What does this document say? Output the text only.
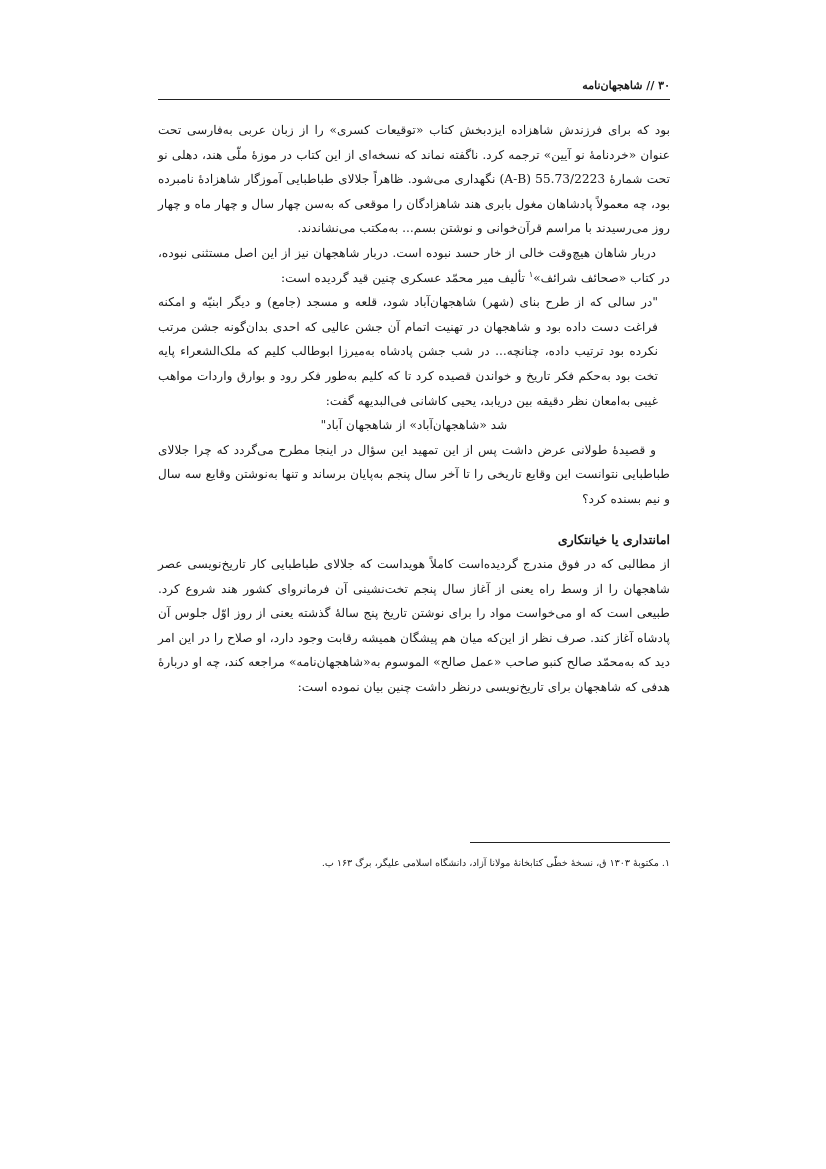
۳۰ // شاهجهان‌نامه

بود که برای فرزندش شاهزاده ایزدبخش کتاب «توقیعات کسری» را از زبان عربی به‌فارسی تحت عنوان «خردنامهٔ نو آیین» ترجمه کرد. ناگفته نماند که نسخه‌ای از این کتاب در موزهٔ ملّی هند، دهلی نو تحت شمارهٔ 55.73/2223 (A-B) نگهداری می‌شود. ظاهراً جلالای طباطبایی آموزگار شاهزادهٔ نامبرده بود، چه معمولاً پادشاهان مغول بابری هند شاهزادگان را موقعی که به‌سن چهار سال و چهار ماه و چهار روز می‌رسیدند با مراسم قرآن‌خوانی و نوشتن بسم... به‌مکتب می‌نشاندند.

دربار شاهان هیچ‌وقت خالی از خار حسد نبوده است. دربار شاهجهان نیز از این اصل مستثنی نبوده، در کتاب «صحائف شرائف»$^۱$ تألیف میر محمّد عسکری چنین قید گردیده است:

"در سالی که از طرح بنای (شهر) شاهجهان‌آباد شود، قلعه و مسجد (جامع) و دیگر ابنیّه و امکنه فراغت دست داده بود و شاهجهان در تهنیت اتمام آن جشن عالیی که احدی بدان‌گونه جشن مرتب نکرده بود ترتیب داده، چنانچه... در شب جشن پادشاه به‌میرزا ابوطالب کلیم که ملک‌الشعراء پایه تخت بود به‌حکم فکر تاریخ و خواندن قصیده کرد تا که کلیم به‌طور فکر رود و بوارق واردات مواهب غیبی به‌امعان نظر دقیقه بین دریابد، یحیی کاشانی فی‌البدیهه گفت:

شد «شاهجهان‌آباد» از شاهجهان آباد"

و قصیدهٔ طولانی عرض داشت پس از این تمهید این سؤال در اینجا مطرح می‌گردد که چرا جلالای طباطبایی نتوانست این وقایع تاریخی را تا آخر سال پنجم به‌پایان برساند و تنها به‌نوشتن وقایع سه سال و نیم بسنده کرد؟

امانتداری یا خیانتکاری

از مطالبی که در فوق مندرج گردیده‌است کاملاً هویداست که جلالای طباطبایی کار تاریخ‌نویسی عصر شاهجهان را از وسط راه یعنی از آغاز سال پنجم تخت‌نشینی آن فرمانروای کشور هند شروع کرد. طبیعی است که او می‌خواست مواد را برای نوشتن تاریخ پنج سالهٔ گذشته یعنی از روز اوّل جلوس آن پادشاه آغاز کند. صرف نظر از این‌که میان هم پیشگان همیشه رقابت وجود دارد، او صلاح را در این امر دید که به‌محمّد صالح کنبو صاحب «عمل صالح» الموسوم به«شاهجهان‌نامه» مراجعه کند، چه او دربارهٔ هدفی که شاهجهان برای تاریخ‌نویسی درنظر داشت چنین بیان نموده است:

۱. مکتوبهٔ ۱۳۰۳ ق، نسخهٔ خطّی کتابخانهٔ مولانا آزاد، دانشگاه اسلامی علیگر، برگ ۱۶۳ ب.
